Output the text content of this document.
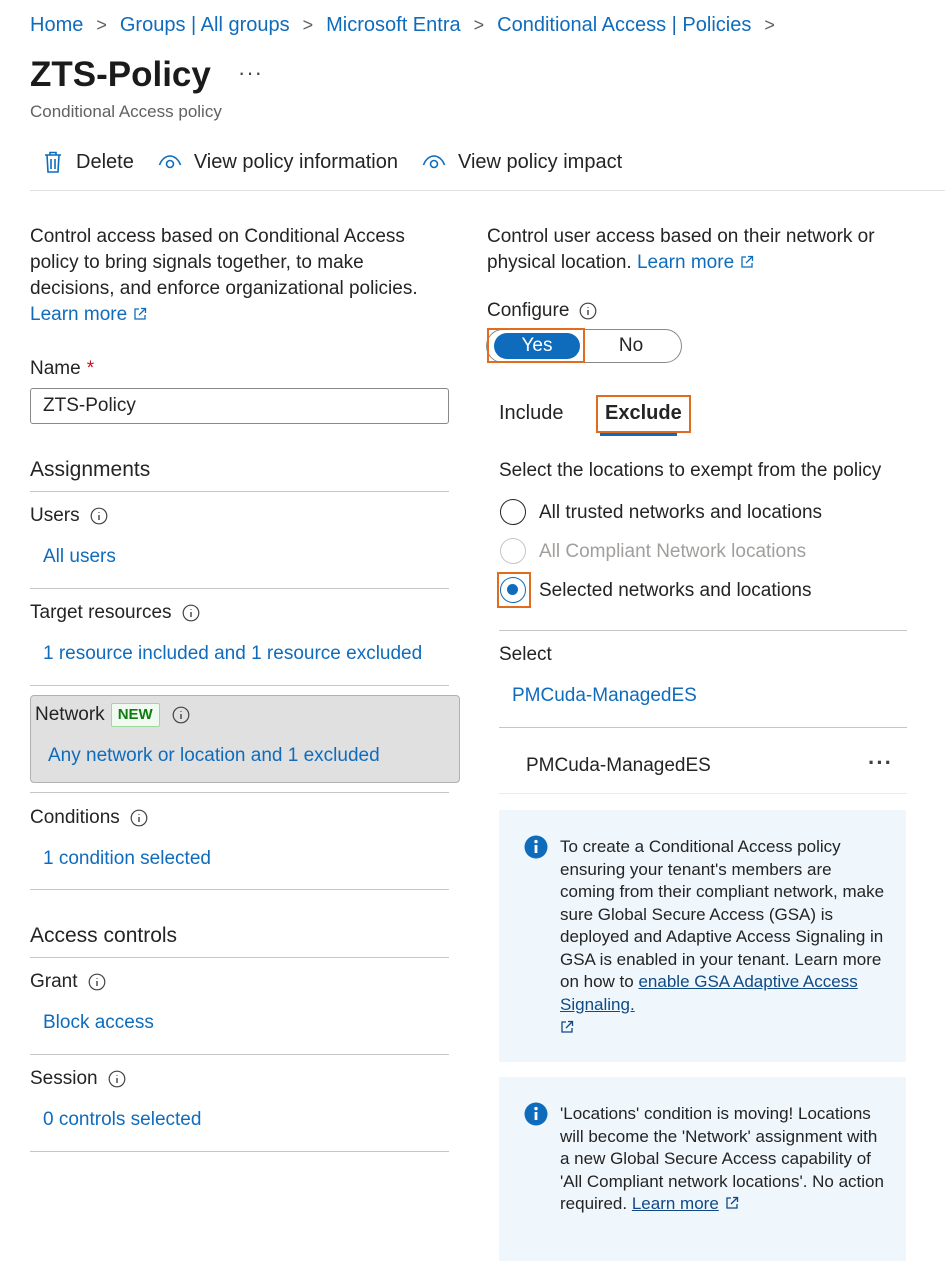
Home > Groups | All groups > Microsoft Entra > Conditional Access | Policies >
ZTS-Policy ···
Conditional Access policy
Delete	View policy information	View policy impact
Control access based on Conditional Access policy to bring signals together, to make decisions, and enforce organizational policies. Learn more
Name *
ZTS-Policy
Assignments
Users
All users
Target resources
1 resource included and 1 resource excluded
Network NEW
Any network or location and 1 excluded
Conditions
1 condition selected
Access controls
Grant
Block access
Session
0 controls selected
Control user access based on their network or physical location. Learn more
Configure
Yes	No
Include Exclude
Select the locations to exempt from the policy
All trusted networks and locations
All Compliant Network locations
Selected networks and locations
Select
PMCuda-ManagedES
PMCuda-ManagedES	···
To create a Conditional Access policy ensuring your tenant's members are coming from their compliant network, make sure Global Secure Access (GSA) is deployed and Adaptive Access Signaling in GSA is enabled in your tenant. Learn more on how to enable GSA Adaptive Access Signaling.

'Locations' condition is moving! Locations will become the 'Network' assignment with a new Global Secure Access capability of 'All Compliant network locations'. No action required. Learn more
